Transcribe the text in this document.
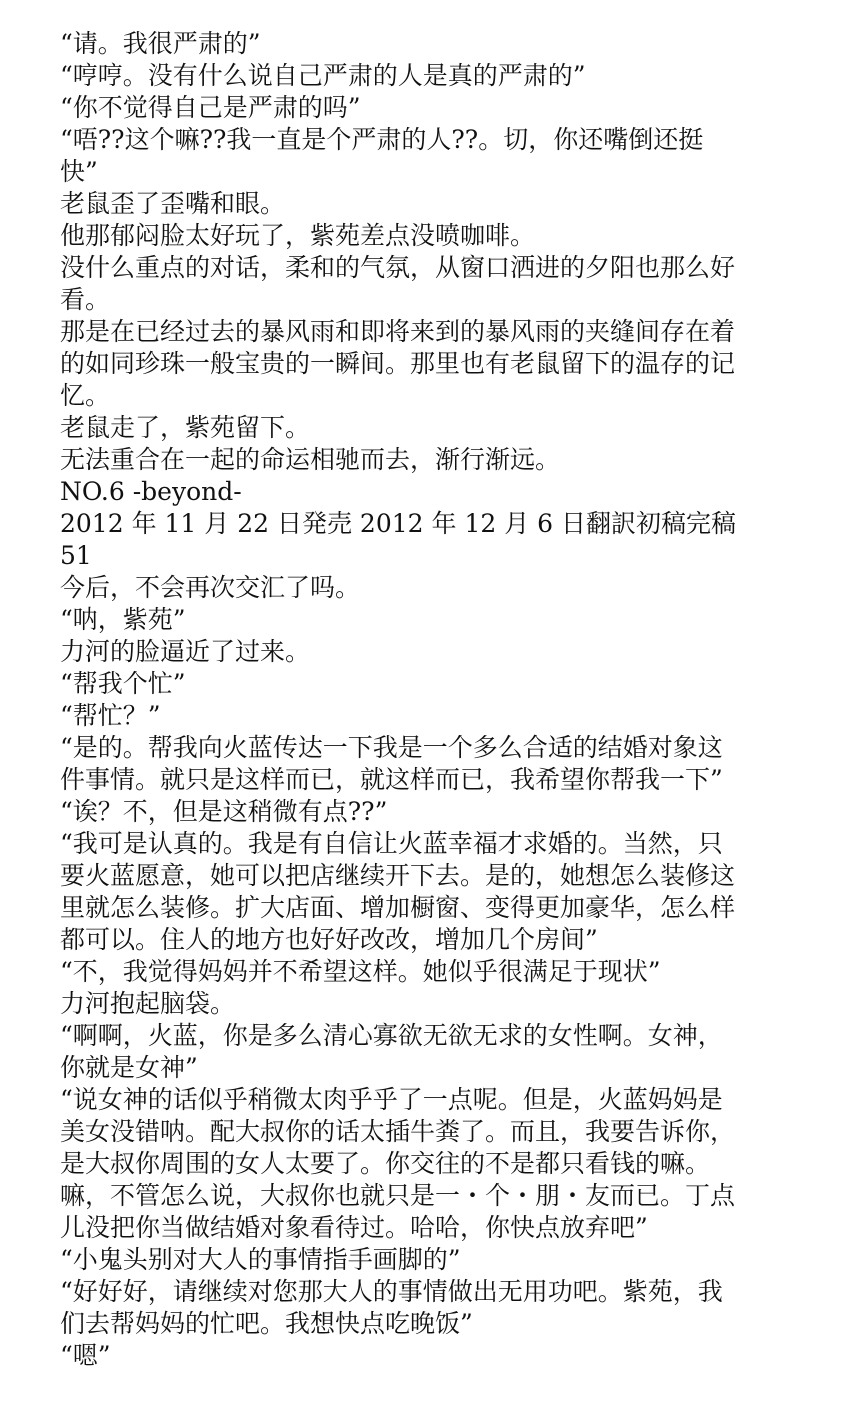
“请。我很严肃的”

“哼哼。没有什么说自己严肃的人是真的严肃的”

“你不觉得自己是严肃的吗”

“唔??这个嘛??我一直是个严肃的人??。切，你还嘴倒还挺

快”

老鼠歪了歪嘴和眼。

他那郁闷脸太好玩了，紫苑差点没喷咖啡。

没什么重点的对话，柔和的气氛，从窗口洒进的夕阳也那么好

看。

那是在已经过去的暴风雨和即将来到的暴风雨的夹缝间存在着

的如同珍珠一般宝贵的一瞬间。那里也有老鼠留下的温存的记

忆。

老鼠走了，紫苑留下。

无法重合在一起的命运相驰而去，渐行渐远。

NO.6 -beyond-

2012 年 11 月 22 日発売 2012 年 12 月 6 日翻訳初稿完稿

51

今后，不会再次交汇了吗。

“呐，紫苑”

力河的脸逼近了过来。

“帮我个忙”

“帮忙？”

“是的。帮我向火蓝传达一下我是一个多么合适的结婚对象这

件事情。就只是这样而已，就这样而已，我希望你帮我一下”

“诶？不，但是这稍微有点??”

“我可是认真的。我是有自信让火蓝幸福才求婚的。当然，只

要火蓝愿意，她可以把店继续开下去。是的，她想怎么装修这

里就怎么装修。扩大店面、增加橱窗、变得更加豪华，怎么样

都可以。住人的地方也好好改改，增加几个房间”

“不，我觉得妈妈并不希望这样。她似乎很满足于现状”

力河抱起脑袋。

“啊啊，火蓝，你是多么清心寡欲无欲无求的女性啊。女神，

你就是女神”

“说女神的话似乎稍微太肉乎乎了一点呢。但是，火蓝妈妈是

美女没错呐。配大叔你的话太插牛粪了。而且，我要告诉你，

是大叔你周围的女人太要了。你交往的不是都只看钱的嘛。

嘛，不管怎么说，大叔你也就只是一・个・朋・友而已。丁点

儿没把你当做结婚对象看待过。哈哈，你快点放弃吧”

“小鬼头别对大人的事情指手画脚的”

“好好好，请继续对您那大人的事情做出无用功吧。紫苑，我

们去帮妈妈的忙吧。我想快点吃晚饭”

“嗯”
